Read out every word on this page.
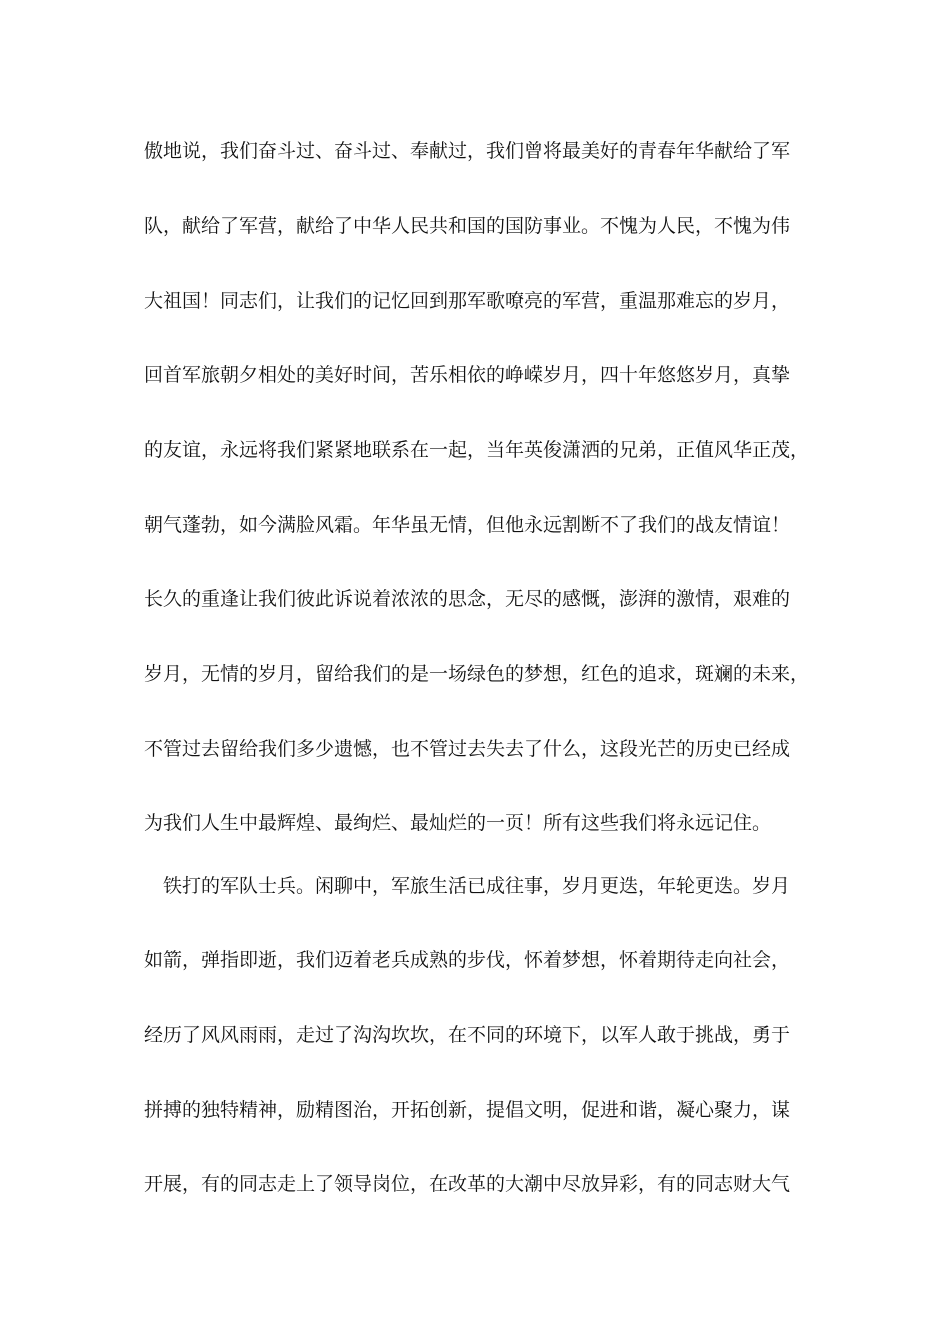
傲地说，我们奋斗过、奋斗过、奉献过，我们曾将最美好的青春年华献给了军
队，献给了军营，献给了中华人民共和国的国防事业。不愧为人民，不愧为伟
大祖国！同志们，让我们的记忆回到那军歌嘹亮的军营，重温那难忘的岁月，
回首军旅朝夕相处的美好时间，苦乐相依的峥嵘岁月，四十年悠悠岁月，真挚
的友谊，永远将我们紧紧地联系在一起，当年英俊潇洒的兄弟，正值风华正茂，
朝气蓬勃，如今满脸风霜。年华虽无情，但他永远割断不了我们的战友情谊！
长久的重逢让我们彼此诉说着浓浓的思念，无尽的感慨，澎湃的激情，艰难的
岁月，无情的岁月，留给我们的是一场绿色的梦想，红色的追求，斑斓的未来，
不管过去留给我们多少遗憾，也不管过去失去了什么，这段光芒的历史已经成
为我们人生中最辉煌、最绚烂、最灿烂的一页！所有这些我们将永远记住。
　铁打的军队士兵。闲聊中，军旅生活已成往事，岁月更迭，年轮更迭。岁月
如箭，弹指即逝，我们迈着老兵成熟的步伐，怀着梦想，怀着期待走向社会，
经历了风风雨雨，走过了沟沟坎坎，在不同的环境下，以军人敢于挑战，勇于
拼搏的独特精神，励精图治，开拓创新，提倡文明，促进和谐，凝心聚力，谋
开展，有的同志走上了领导岗位，在改革的大潮中尽放异彩，有的同志财大气
